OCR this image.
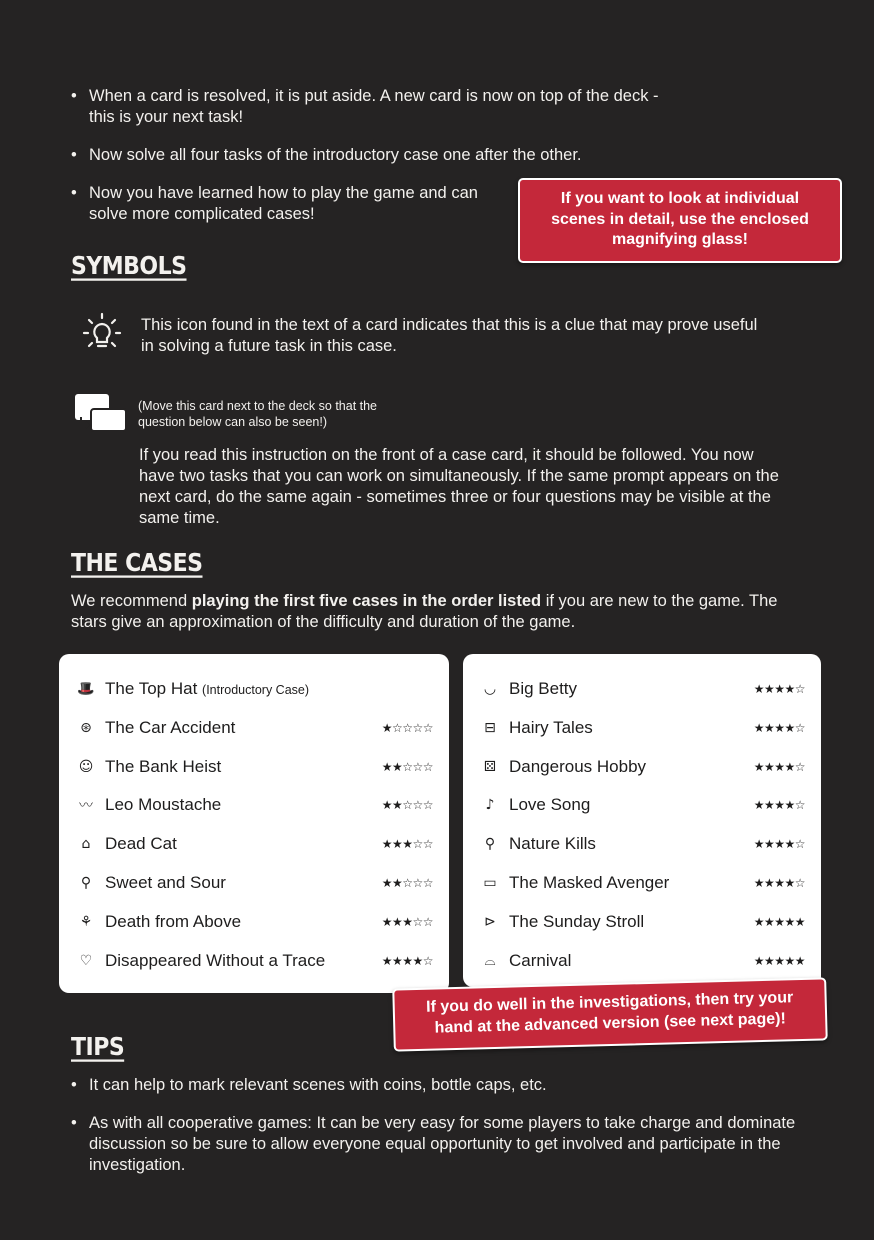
• When a card is resolved, it is put aside. A new card is now on top of the deck - this is your next task!
• Now solve all four tasks of the introductory case one after the other.
• Now you have learned how to play the game and can solve more complicated cases!
If you want to look at individual scenes in detail, use the enclosed magnifying glass!
SYMBOLS
This icon found in the text of a card indicates that this is a clue that may prove useful in solving a future task in this case.
(Move this card next to the deck so that the question below can also be seen!)
If you read this instruction on the front of a case card, it should be followed. You now have two tasks that you can work on simultaneously. If the same prompt appears on the next card, do the same again - sometimes three or four questions may be visible at the same time.
THE CASES
We recommend playing the first five cases in the order listed if you are new to the game. The stars give an approximation of the difficulty and duration of the game.
🎩 The Top Hat (Introductory Case)
⊛ The Car Accident	★☆☆☆☆
☺ The Bank Heist	★★☆☆☆
〰 Leo Moustache	★★☆☆☆
⌂ Dead Cat	★★★☆☆
⚲ Sweet and Sour	★★☆☆☆
⚘ Death from Above	★★★☆☆
♡ Disappeared Without a Trace	★★★★☆
◡ Big Betty	★★★★☆
⊟ Hairy Tales	★★★★☆
⚄ Dangerous Hobby	★★★★☆
♪ Love Song	★★★★☆
⚲ Nature Kills	★★★★☆
▭ The Masked Avenger	★★★★☆
⊳ The Sunday Stroll	★★★★★
⌓ Carnival	★★★★★
If you do well in the investigations, then try your hand at the advanced version (see next page)!
TIPS
• It can help to mark relevant scenes with coins, bottle caps, etc.
• As with all cooperative games: It can be very easy for some players to take charge and dominate discussion so be sure to allow everyone equal opportunity to get involved and participate in the investigation.
